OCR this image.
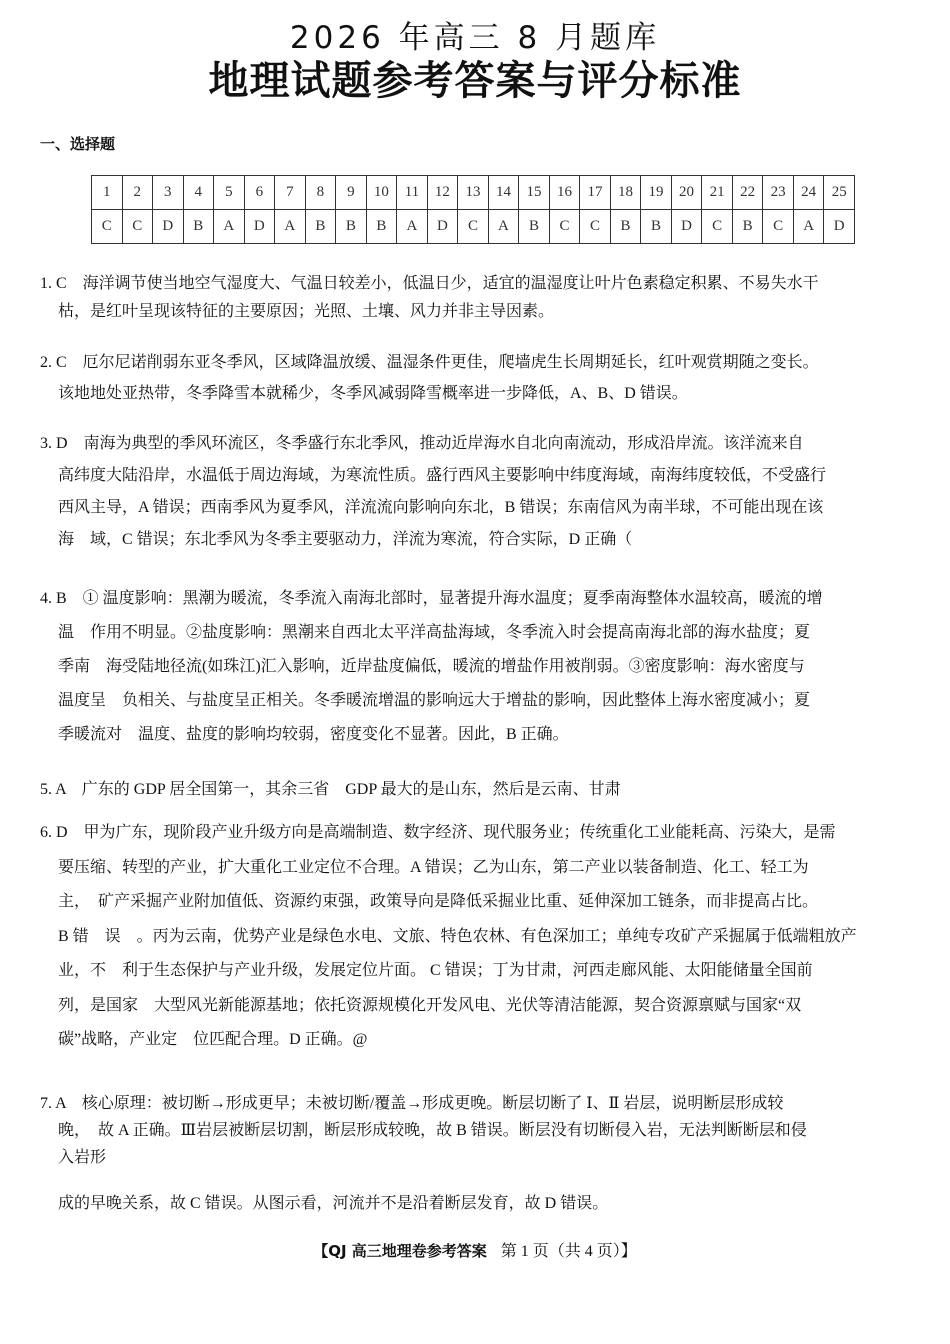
2026 年高三 8 月题库
地理试题参考答案与评分标准
一、选择题
1	2	3	4	5	6	7	8	9	10	11	12	13	14	15	16	17	18	19	20	21	22	23	24	25
C	C	D	B	A	D	A	B	B	B	A	D	C	A	B	C	C	B	B	D	C	B	C	A	D
1. C　海洋调节使当地空气湿度大、气温日较差小，低温日少，适宜的温湿度让叶片色素稳定积累、不易失水干
枯，是红叶呈现该特征的主要原因；光照、土壤、风力并非主导因素。
2. C　厄尔尼诺削弱东亚冬季风，区域降温放缓、温湿条件更佳，爬墙虎生长周期延长，红叶观赏期随之变长。
该地地处亚热带，冬季降雪本就稀少，冬季风减弱降雪概率进一步降低，A、B、D 错误。
3. D　南海为典型的季风环流区，冬季盛行东北季风，推动近岸海水自北向南流动，形成沿岸流。该洋流来自
高纬度大陆沿岸，水温低于周边海域，为寒流性质。盛行西风主要影响中纬度海域，南海纬度较低，不受盛行
西风主导，A 错误；西南季风为夏季风，洋流流向影响向东北，B 错误；东南信风为南半球，不可能出现在该
海　域，C 错误；东北季风为冬季主要驱动力，洋流为寒流，符合实际，D 正确（
4. B　① 温度影响：黑潮为暖流，冬季流入南海北部时，显著提升海水温度；夏季南海整体水温较高，暖流的增
温　作用不明显。②盐度影响：黑潮来自西北太平洋高盐海域，冬季流入时会提高南海北部的海水盐度；夏
季南　海受陆地径流(如珠江)汇入影响，近岸盐度偏低，暖流的增盐作用被削弱。③密度影响：海水密度与
温度呈　负相关、与盐度呈正相关。冬季暖流增温的影响远大于增盐的影响，因此整体上海水密度减小；夏
季暖流对　温度、盐度的影响均较弱，密度变化不显著。因此，B 正确。
5. A　广东的 GDP 居全国第一，其余三省　GDP 最大的是山东，然后是云南、甘肃
6. D　甲为广东，现阶段产业升级方向是高端制造、数字经济、现代服务业；传统重化工业能耗高、污染大，是需
要压缩、转型的产业，扩大重化工业定位不合理。A 错误；乙为山东，第二产业以装备制造、化工、轻工为
主，　矿产采掘产业附加值低、资源约束强，政策导向是降低采掘业比重、延伸深加工链条，而非提高占比。
B 错　误　。丙为云南，优势产业是绿色水电、文旅、特色农林、有色深加工；单纯专攻矿产采掘属于低端粗放产
业，不　利于生态保护与产业升级，发展定位片面。 C 错误；丁为甘肃，河西走廊风能、太阳能储量全国前
列，是国家　大型风光新能源基地；依托资源规模化开发风电、光伏等清洁能源，契合资源禀赋与国家“双
碳”战略，产业定　位匹配合理。D 正确。@
7. A　核心原理：被切断→形成更早；未被切断/覆盖→形成更晚。断层切断了 Ⅰ、Ⅱ 岩层，说明断层形成较
晚，　故 A 正确。Ⅲ岩层被断层切割，断层形成较晚，故 B 错误。断层没有切断侵入岩，无法判断断层和侵
入岩形
成的早晚关系，故 C 错误。从图示看，河流并不是沿着断层发育，故 D 错误。
【QJ 高三地理卷参考答案 第 1 页（共 4 页）】
